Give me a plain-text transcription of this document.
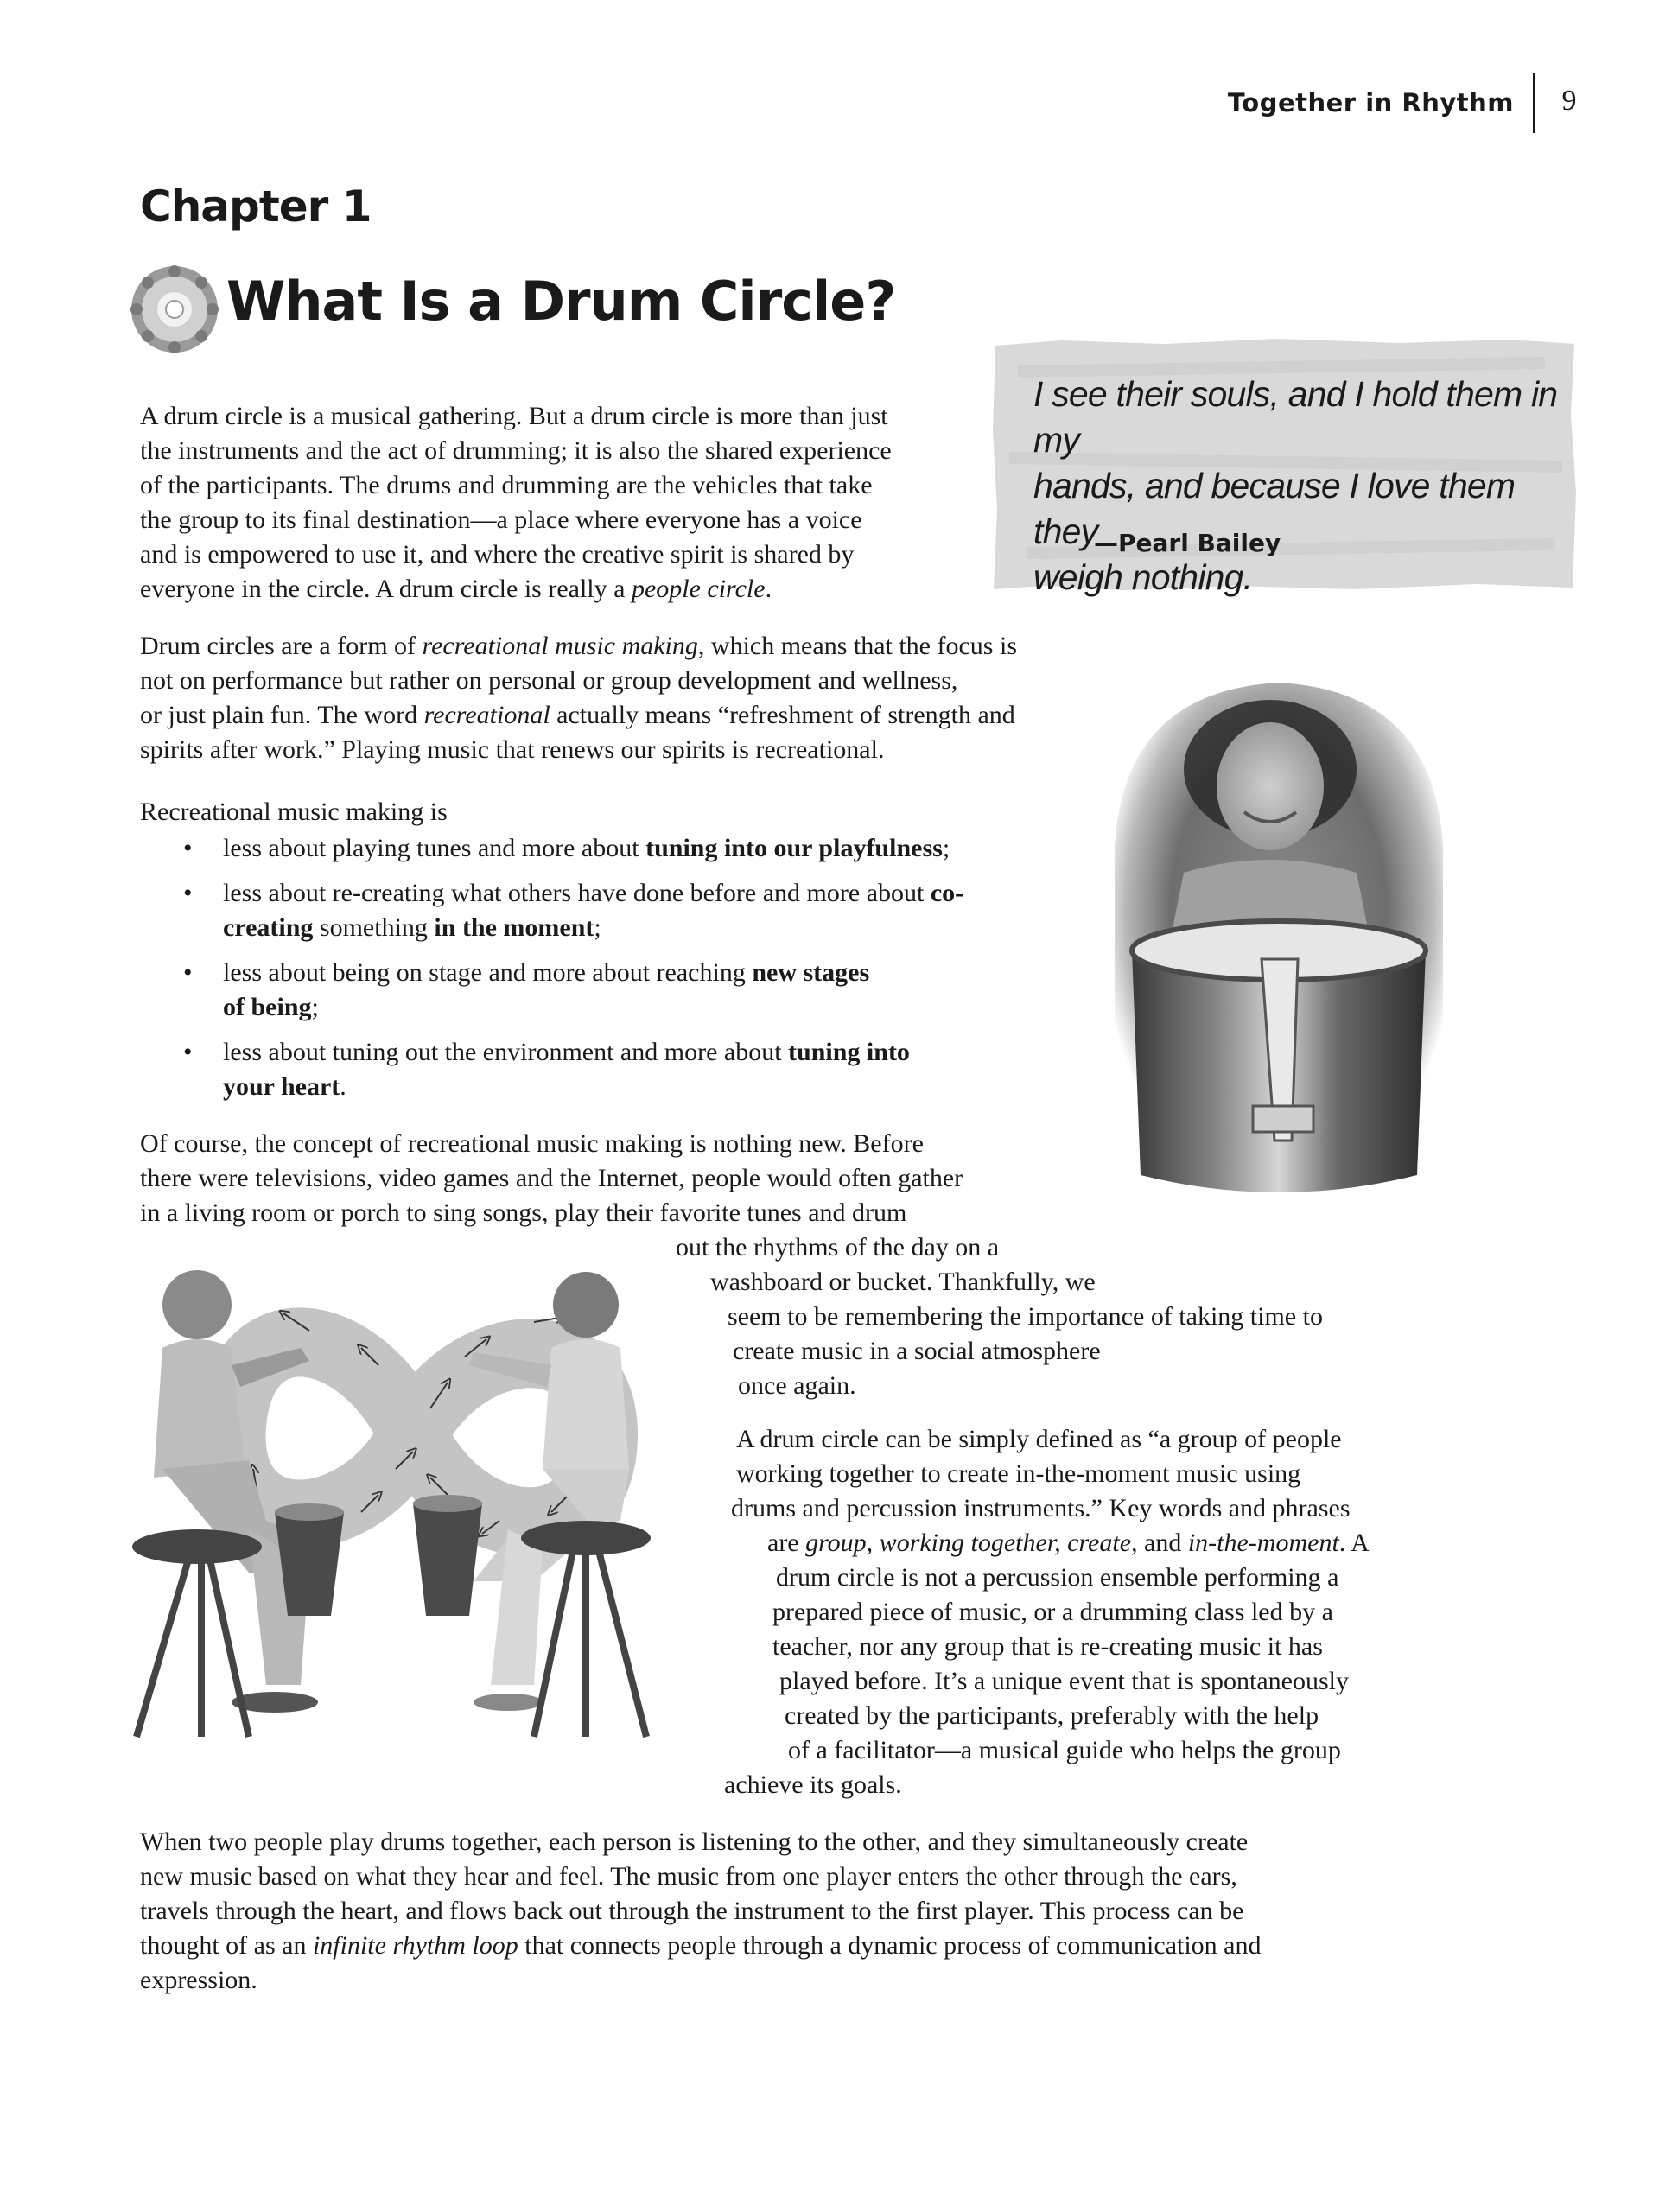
Together in Rhythm	9
Chapter 1
What Is a Drum Circle?
I see their souls, and I hold them in my
hands, and because I love them they
weigh nothing.
—Pearl Bailey

A drum circle is a musical gathering. But a drum circle is more than just
the instruments and the act of drumming; it is also the shared experience
of the participants. The drums and drumming are the vehicles that take
the group to its final destination—a place where everyone has a voice
and is empowered to use it, and where the creative spirit is shared by
everyone in the circle. A drum circle is really a people circle.

Drum circles are a form of recreational music making, which means that the focus is
not on performance but rather on personal or group development and wellness,
or just plain fun. The word recreational actually means “refreshment of strength and
spirits after work.” Playing music that renews our spirits is recreational.

Recreational music making is

• less about playing tunes and more about tuning into our playfulness;
• less about re-creating what others have done before and more about co-
creating something in the moment;
• less about being on stage and more about reaching new stages
of being;
• less about tuning out the environment and more about tuning into
your heart.

Of course, the concept of recreational music making is nothing new. Before
there were televisions, video games and the Internet, people would often gather
in a living room or porch to sing songs, play their favorite tunes and drum

out the rhythms of the day on a
washboard or bucket. Thankfully, we
seem to be remembering the importance of taking time to
create music in a social atmosphere
once again.

A drum circle can be simply defined as “a group of people
working together to create in-the-moment music using
drums and percussion instruments.” Key words and phrases
are group, working together, create, and in-the-moment. A
drum circle is not a percussion ensemble performing a
prepared piece of music, or a drumming class led by a
teacher, nor any group that is re-creating music it has
played before. It’s a unique event that is spontaneously
created by the participants, preferably with the help
of a facilitator—a musical guide who helps the group
achieve its goals.

When two people play drums together, each person is listening to the other, and they simultaneously create
new music based on what they hear and feel. The music from one player enters the other through the ears,
travels through the heart, and flows back out through the instrument to the first player. This process can be
thought of as an infinite rhythm loop that connects people through a dynamic process of communication and
expression.
